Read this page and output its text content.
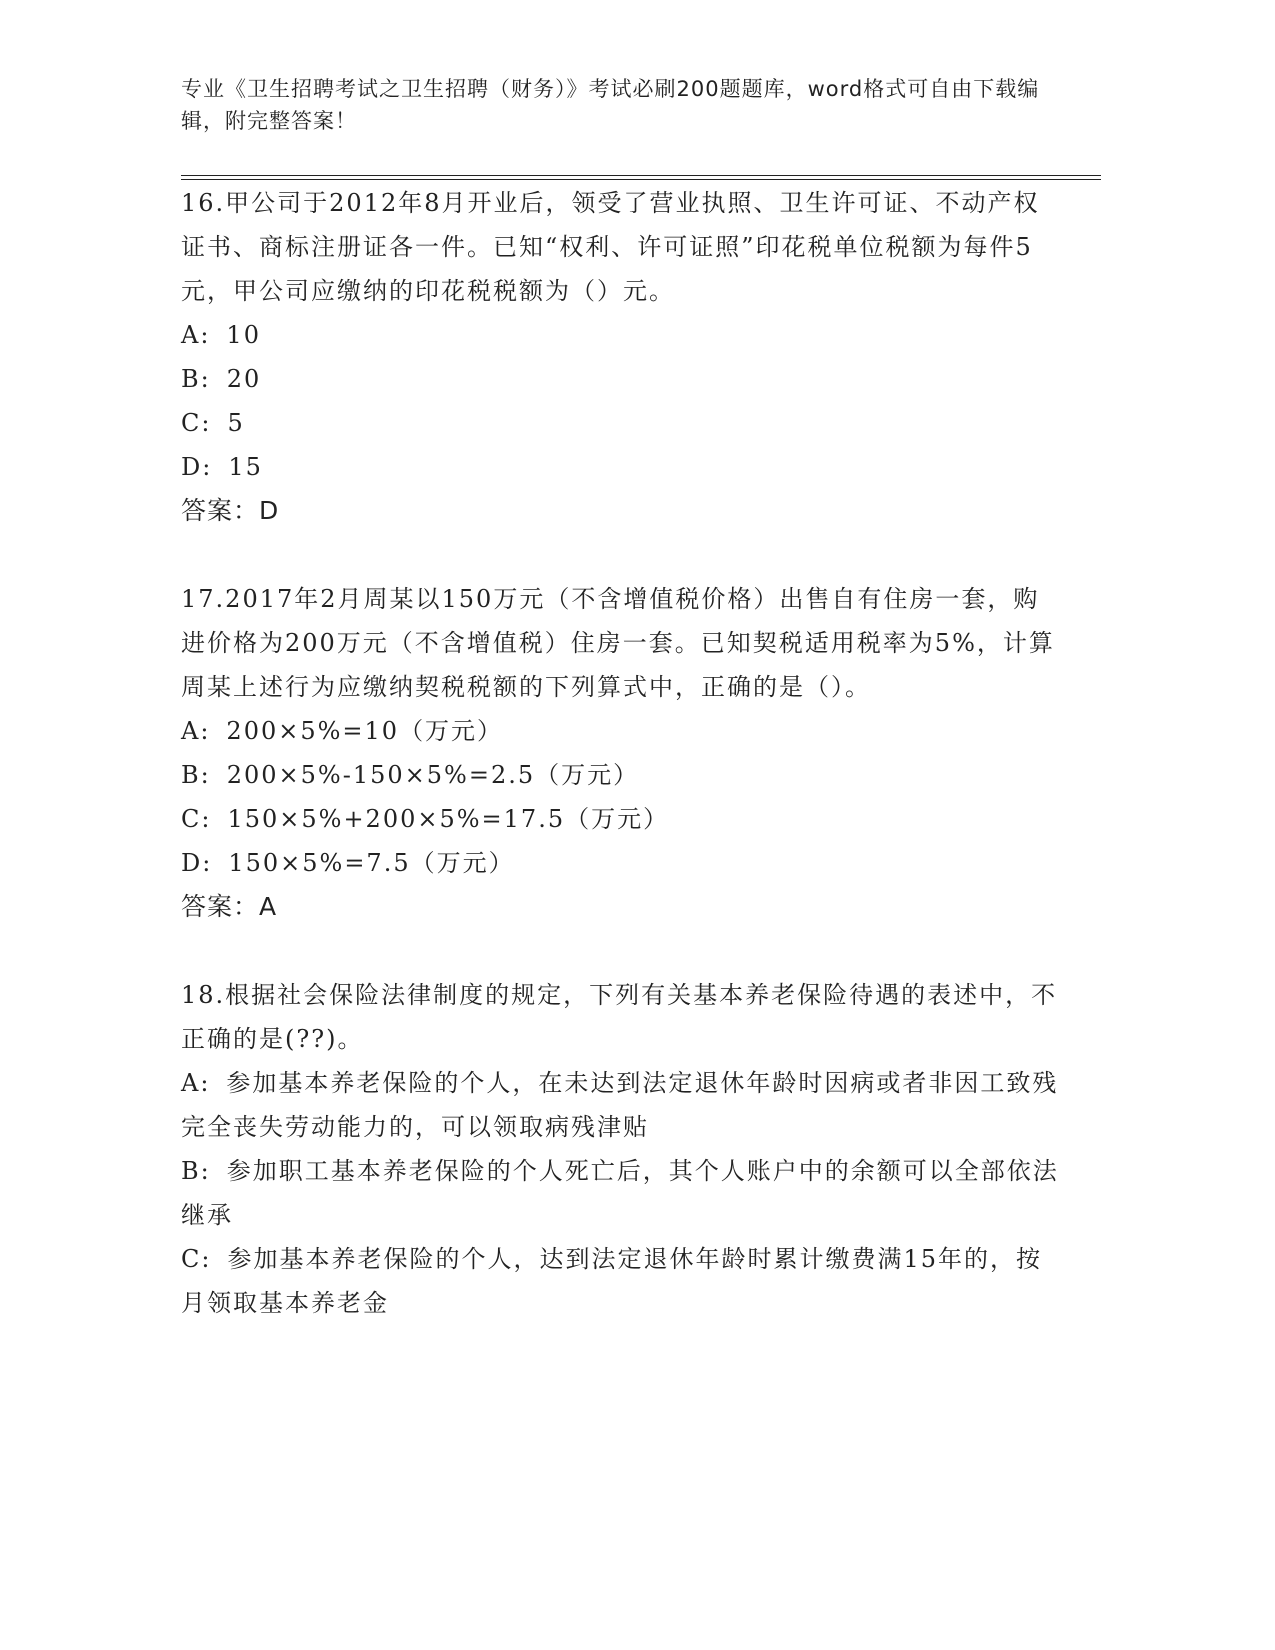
专业《卫生招聘考试之卫生招聘（财务）》考试必刷200题题库，word格式可自由下载编辑，附完整答案！
16.甲公司于2012年8月开业后，领受了营业执照、卫生许可证、不动产权证书、商标注册证各一件。已知“权利、许可证照”印花税单位税额为每件5元，甲公司应缴纳的印花税税额为（）元。
A: 10
B: 20
C: 5
D: 15
答案：D
17.2017年2月周某以150万元（不含增值税价格）出售自有住房一套，购进价格为200万元（不含增值税）住房一套。已知契税适用税率为5%，计算周某上述行为应缴纳契税税额的下列算式中，正确的是（）。
A: 200×5%=10（万元）
B: 200×5%-150×5%=2.5（万元）
C: 150×5%+200×5%=17.5（万元）
D: 150×5%=7.5（万元）
答案：A
18.根据社会保险法律制度的规定，下列有关基本养老保险待遇的表述中，不正确的是(??)。
A: 参加基本养老保险的个人，在未达到法定退休年龄时因病或者非因工致残完全丧失劳动能力的，可以领取病残津贴
B: 参加职工基本养老保险的个人死亡后，其个人账户中的余额可以全部依法继承
C: 参加基本养老保险的个人，达到法定退休年龄时累计缴费满15年的，按月领取基本养老金
